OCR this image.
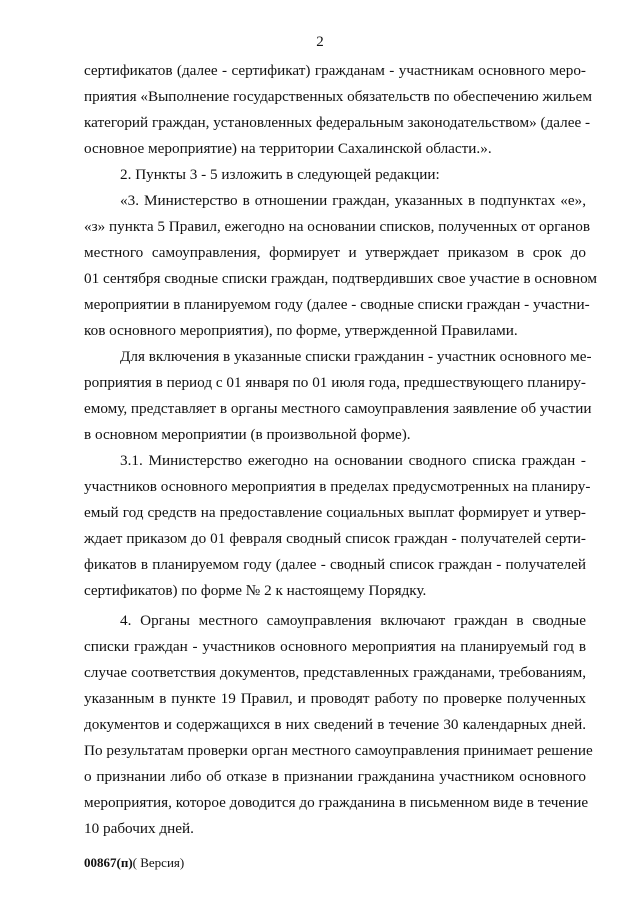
2
сертификатов (далее - сертификат) гражданам - участникам основного меро-
приятия «Выполнение государственных обязательств по обеспечению жильем
категорий граждан, установленных федеральным законодательством» (далее -
основное мероприятие) на территории Сахалинской области.».
2. Пункты 3 - 5 изложить в следующей редакции:
«3. Министерство в отношении граждан, указанных в подпунктах «е»,
«з» пункта 5 Правил, ежегодно на основании списков, полученных от органов
местного самоуправления, формирует и утверждает приказом в срок до
01 сентября сводные списки граждан, подтвердивших свое участие в основном
мероприятии в планируемом году (далее - сводные списки граждан - участни-
ков основного мероприятия), по форме, утвержденной Правилами.
Для включения в указанные списки гражданин - участник основного ме-
роприятия в период с 01 января по 01 июля года, предшествующего планиру-
емому, представляет в органы местного самоуправления заявление об участии
в основном мероприятии (в произвольной форме).
3.1. Министерство ежегодно на основании сводного списка граждан -
участников основного мероприятия в пределах предусмотренных на планиру-
емый год средств на предоставление социальных выплат формирует и утвер-
ждает приказом до 01 февраля сводный список граждан - получателей серти-
фикатов в планируемом году (далее - сводный список граждан - получателей
сертификатов) по форме № 2 к настоящему Порядку.
4. Органы местного самоуправления включают граждан в сводные
списки граждан - участников основного мероприятия на планируемый год в
случае соответствия документов, представленных гражданами, требованиям,
указанным в пункте 19 Правил, и проводят работу по проверке полученных
документов и содержащихся в них сведений в течение 30 календарных дней.
По результатам проверки орган местного самоуправления принимает решение
о признании либо об отказе в признании гражданина участником основного
мероприятия, которое доводится до гражданина в письменном виде в течение
10 рабочих дней.
00867(п)( Версия)
